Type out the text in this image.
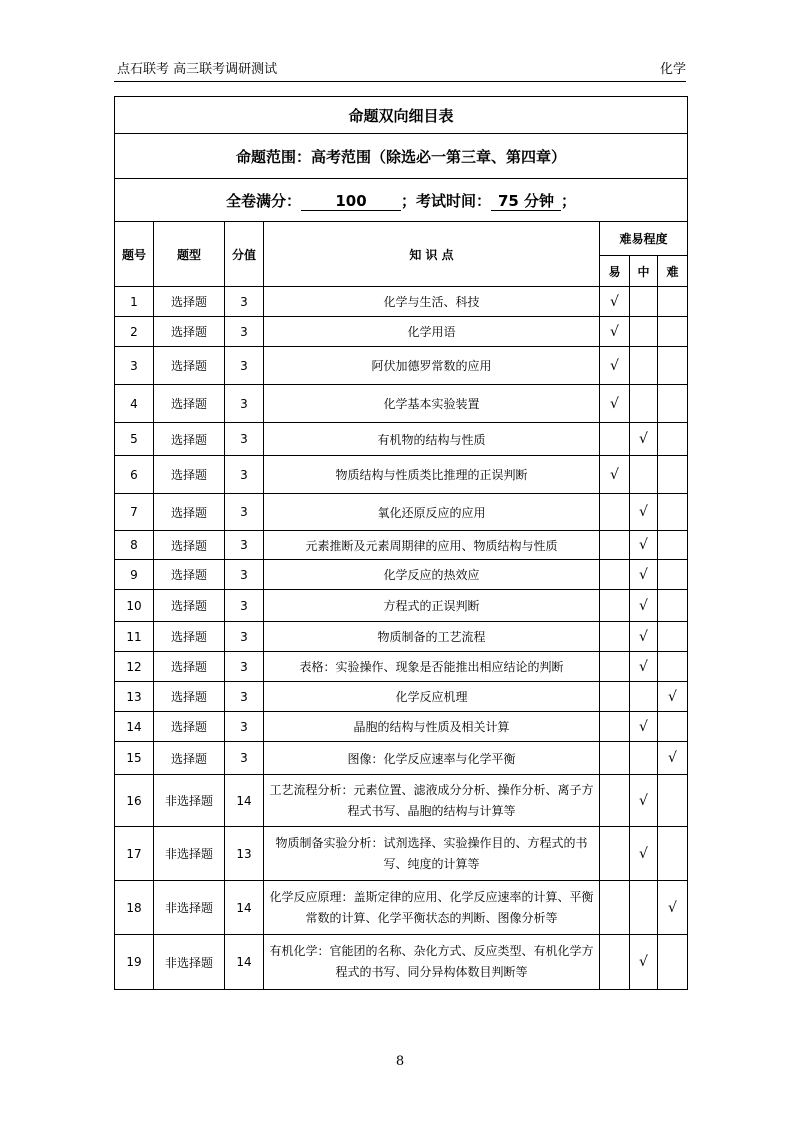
点石联考 高三联考调研测试	化学
命题双向细目表						
命题范围：高考范围（除选必一第三章、第四章）						
全卷满分： 100 ；考试时间： 75 分钟 ；						
题号	题型	分值	知 识 点	难易程度		
				易	中	难
1	选择题	3	化学与生活、科技	√		
2	选择题	3	化学用语	√		
3	选择题	3	阿伏加德罗常数的应用	√		
4	选择题	3	化学基本实验装置	√		
5	选择题	3	有机物的结构与性质		√	
6	选择题	3	物质结构与性质类比推理的正误判断	√		
7	选择题	3	氧化还原反应的应用		√	
8	选择题	3	元素推断及元素周期律的应用、物质结构与性质		√	
9	选择题	3	化学反应的热效应		√	
10	选择题	3	方程式的正误判断		√	
11	选择题	3	物质制备的工艺流程		√	
12	选择题	3	表格：实验操作、现象是否能推出相应结论的判断		√	
13	选择题	3	化学反应机理			√
14	选择题	3	晶胞的结构与性质及相关计算		√	
15	选择题	3	图像：化学反应速率与化学平衡			√
16	非选择题	14	工艺流程分析：元素位置、滤液成分分析、操作分析、离子方程式书写、晶胞的结构与计算等		√	
17	非选择题	13	物质制备实验分析：试剂选择、实验操作目的、方程式的书写、纯度的计算等		√	
18	非选择题	14	化学反应原理：盖斯定律的应用、化学反应速率的计算、平衡常数的计算、化学平衡状态的判断、图像分析等			√
19	非选择题	14	有机化学：官能团的名称、杂化方式、反应类型、有机化学方程式的书写、同分异构体数目判断等		√	
8
